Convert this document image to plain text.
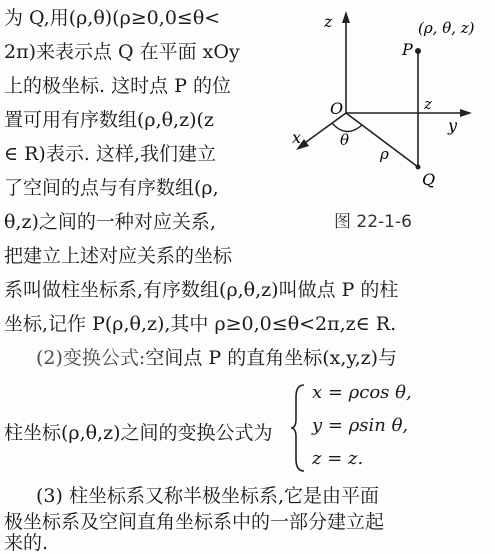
为 Q,用(ρ,θ)(ρ≥0,0≤θ<
2π)来表示点 Q 在平面 xOy
上的极坐标. 这时点 P 的位
置可用有序数组(ρ,θ,z)(z
∈ R)表示. 这样,我们建立
了空间的点与有序数组(ρ,
θ,z)之间的一种对应关系,
把建立上述对应关系的坐标
系叫做柱坐标系,有序数组(ρ,θ,z)叫做点 P 的柱
坐标,记作 P(ρ,θ,z),其中 ρ≥0,0≤θ<2π,z∈ R.
z
y
x
O
P
(ρ, θ, z)
z
Q
ρ
θ
图 22-1-6
(2)变换公式:空间点 P 的直角坐标(x,y,z)与
柱坐标(ρ,θ,z)之间的变换公式为
x = ρcos θ,
y = ρsin θ,
z = z.
(3) 柱坐标系又称半极坐标系,它是由平面
极坐标系及空间直角坐标系中的一部分建立起
来的.
